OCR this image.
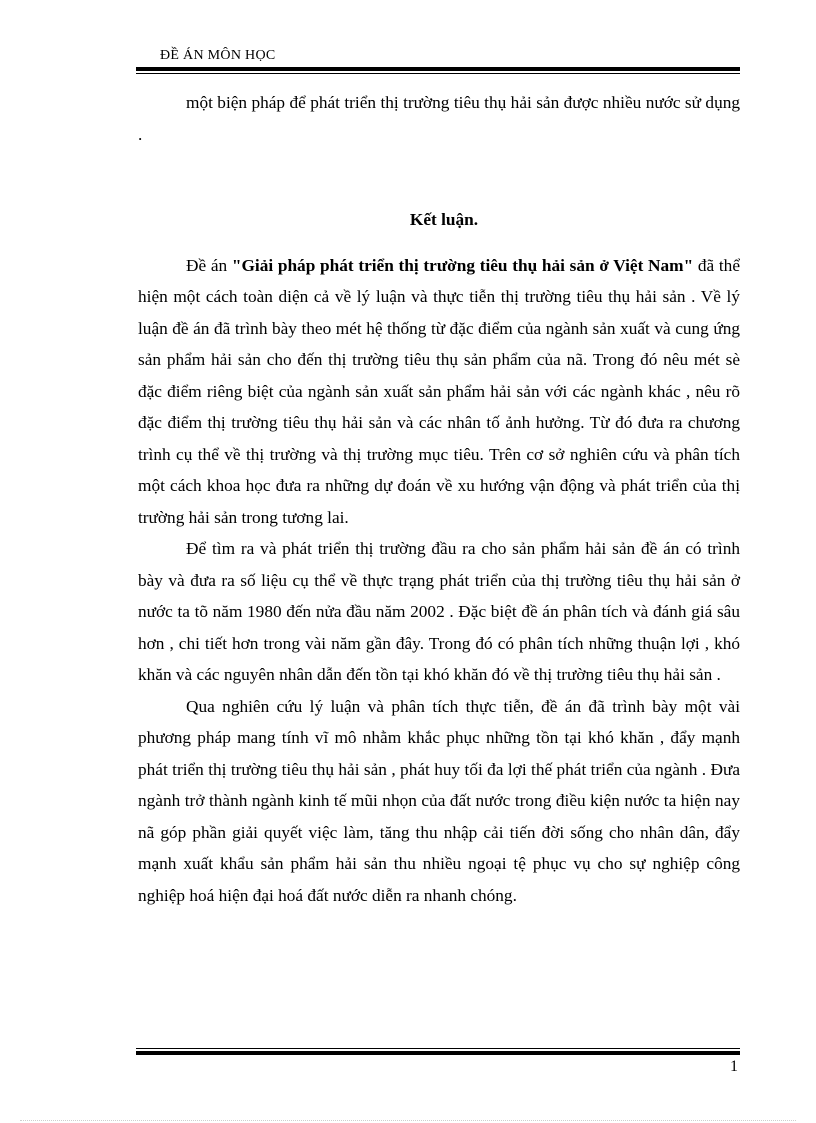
ĐỀ ÁN MÔN HỌC

một biện pháp để phát triển thị trường tiêu thụ hải sản được nhiều nước sử dụng .

Kết luận.

Đề án "Giải pháp phát triển thị trường tiêu thụ hải sản ở Việt Nam" đã thể hiện một cách toàn diện cả về lý luận và thực tiễn thị trường tiêu thụ hải sản . Về lý luận đề án đã trình bày theo mét hệ thống từ đặc điểm của ngành sản xuất và cung ứng sản phẩm hải sản cho đến thị trường tiêu thụ sản phẩm của nã. Trong đó nêu mét sè đặc điểm riêng biệt của ngành sản xuất sản phẩm hải sản với các ngành khác , nêu rõ đặc điểm thị trường tiêu thụ hải sản và các nhân tố ảnh hưởng. Từ đó đưa ra chương trình cụ thể về thị trường và thị trường mục tiêu. Trên cơ sở nghiên cứu và phân tích một cách khoa học đưa ra những dự đoán về xu hướng vận động và phát triển của thị trường hải sản trong tương lai.

Để tìm ra và phát triển thị trường đầu ra cho sản phẩm hải sản đề án có trình bày và đưa ra số liệu cụ thể về thực trạng phát triển của thị trường tiêu thụ hải sản ở nước ta tõ năm 1980 đến nửa đầu năm 2002 . Đặc biệt đề án phân tích và đánh giá sâu hơn , chi tiết hơn trong vài năm gần đây. Trong đó có phân tích những thuận lợi , khó khăn và các nguyên nhân dẫn đến tồn tại khó khăn đó về thị trường tiêu thụ hải sản .

Qua nghiên cứu lý luận và phân tích thực tiễn, đề án đã trình bày một vài phương pháp mang tính vĩ mô nhằm khắc phục những tồn tại khó khăn , đẩy mạnh phát triển thị trường tiêu thụ hải sản , phát huy tối đa lợi thế phát triển của ngành . Đưa ngành trở thành ngành kinh tế mũi nhọn của đất nước trong điều kiện nước ta hiện nay nã góp phần giải quyết việc làm, tăng thu nhập cải tiến đời sống cho nhân dân, đẩy mạnh xuất khẩu sản phẩm hải sản thu nhiều ngoại tệ phục vụ cho sự nghiệp công nghiệp hoá hiện đại hoá đất nước diễn ra nhanh chóng.

1
